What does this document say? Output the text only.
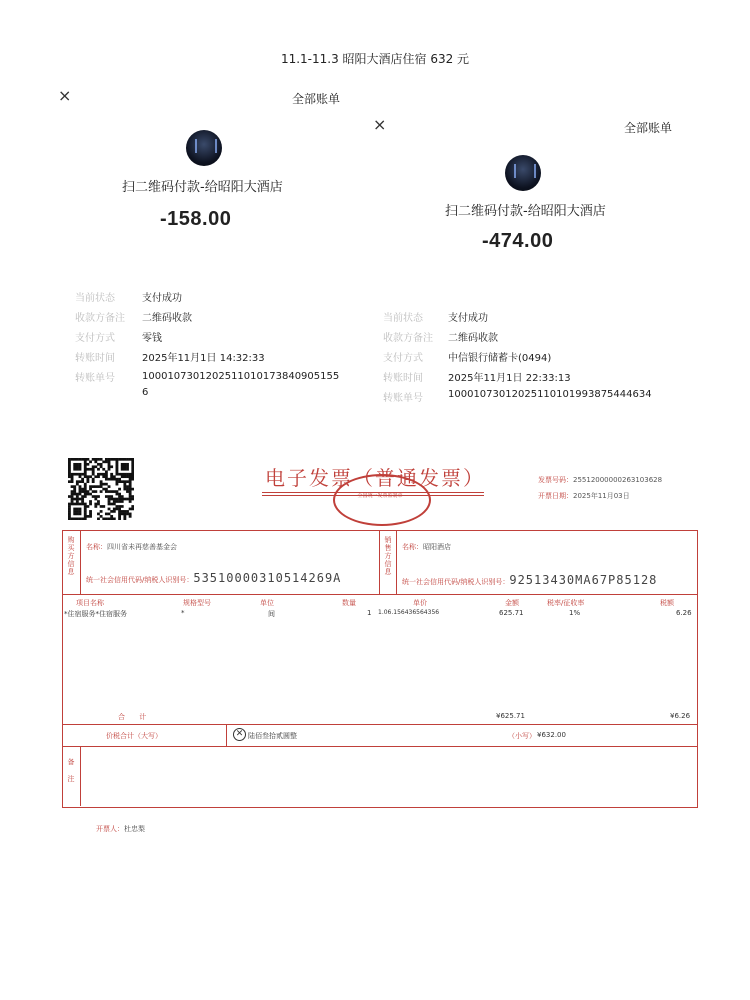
11.1-11.3 昭阳大酒店住宿 632 元
×	全部账单
扫二维码付款-给昭阳大酒店
-158.00
当前状态	支付成功
收款方备注 二维码收款
支付方式	零钱
转账时间	2025年11月1日 14:32:33
转账单号	10001073012025110101738409051556
×	全部账单
扫二维码付款-给昭阳大酒店
-474.00
当前状态	支付成功
收款方备注 二维码收款
支付方式	中信银行储蓄卡(0494)
转账时间	2025年11月1日 22:33:13
转账单号	10001073012025110101993875444634
电子发票（普通发票）
全国统一发票监制章
发票号码：25512000000263103628
开票日期：2025年11月03日
购买方信息	销售方信息
名称：四川省未再慈善基金会
统一社会信用代码/纳税人识别号：53510000310514269A
名称：昭阳酒店
统一社会信用代码/纳税人识别号：92513430MA67P85128
项目名称	规格型号	单位	数量	单价	金额	税率/征收率	税额
*住宿服务*住宿服务	*	间	1 1.06.156436564356	625.71	1%	6.26
合 计	¥625.71	¥6.26
价税合计（大写）	✕ 陆佰叁拾贰圆整	（小写） ¥632.00
备注
开票人：杜忠梨
